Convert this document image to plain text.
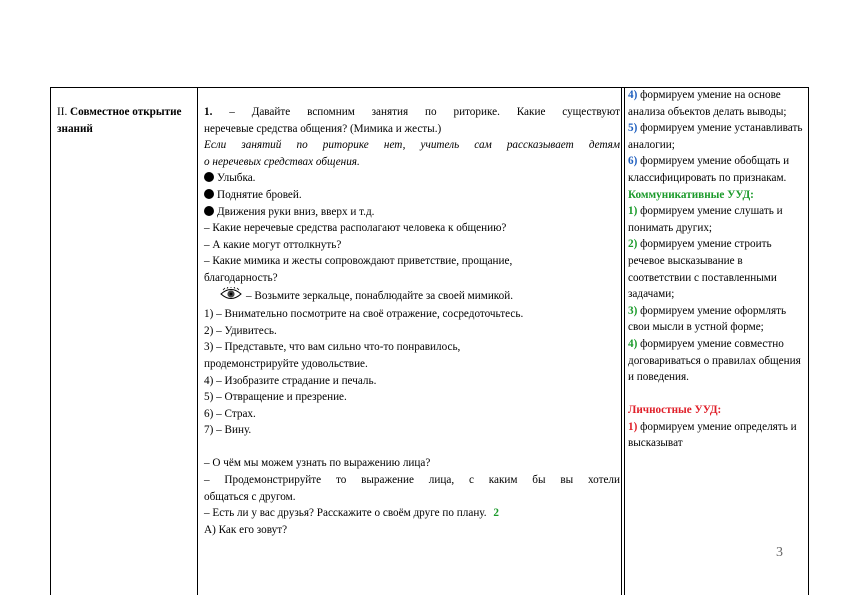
II. Совместное открытие знаний
1. – Давайте вспомним занятия по риторике. Какие существуют
неречевые средства общения? (Мимика и жесты.)
Если занятий по риторике нет, учитель сам рассказывает детям
о неречевых средствах общения.
Улыбка.
Поднятие бровей.
Движения руки вниз, вверх и т.д.
– Какие неречевые средства располагают человека к общению?
– А какие могут оттолкнуть?
– Какие мимика и жесты сопровождают приветствие, прощание,
благодарность?
– Возьмите зеркальце, понаблюдайте за своей мимикой.
1) – Внимательно посмотрите на своё отражение, сосредоточьтесь.
2) – Удивитесь.
3) – Представьте, что вам сильно что-то понравилось,
продемонстрируйте удовольствие.
4) – Изобразите страдание и печаль.
5) – Отвращение и презрение.
6) – Страх.
7) – Вину.
– О чём мы можем узнать по выражению лица?
– Продемонстрируйте то выражение лица, с каким бы вы хотели
общаться с другом.
– Есть ли у вас друзья? Расскажите о своём друге по плану. 2
А) Как его зовут?
4) формируем умение на основе анализа объектов делать выводы;
5) формируем умение устанавливать аналогии;
6) формируем умение обобщать и классифицировать по признакам.
Коммуникативные УУД:
1) формируем умение слушать и понимать других;
2) формируем умение строить речевое высказывание в соответствии с поставленными задачами;
3) формируем умение оформлять свои мысли в устной форме;
4) формируем умение совместно договариваться о правилах общения и поведения.
Личностные УУД:
1) формируем умение определять и высказыват
3
